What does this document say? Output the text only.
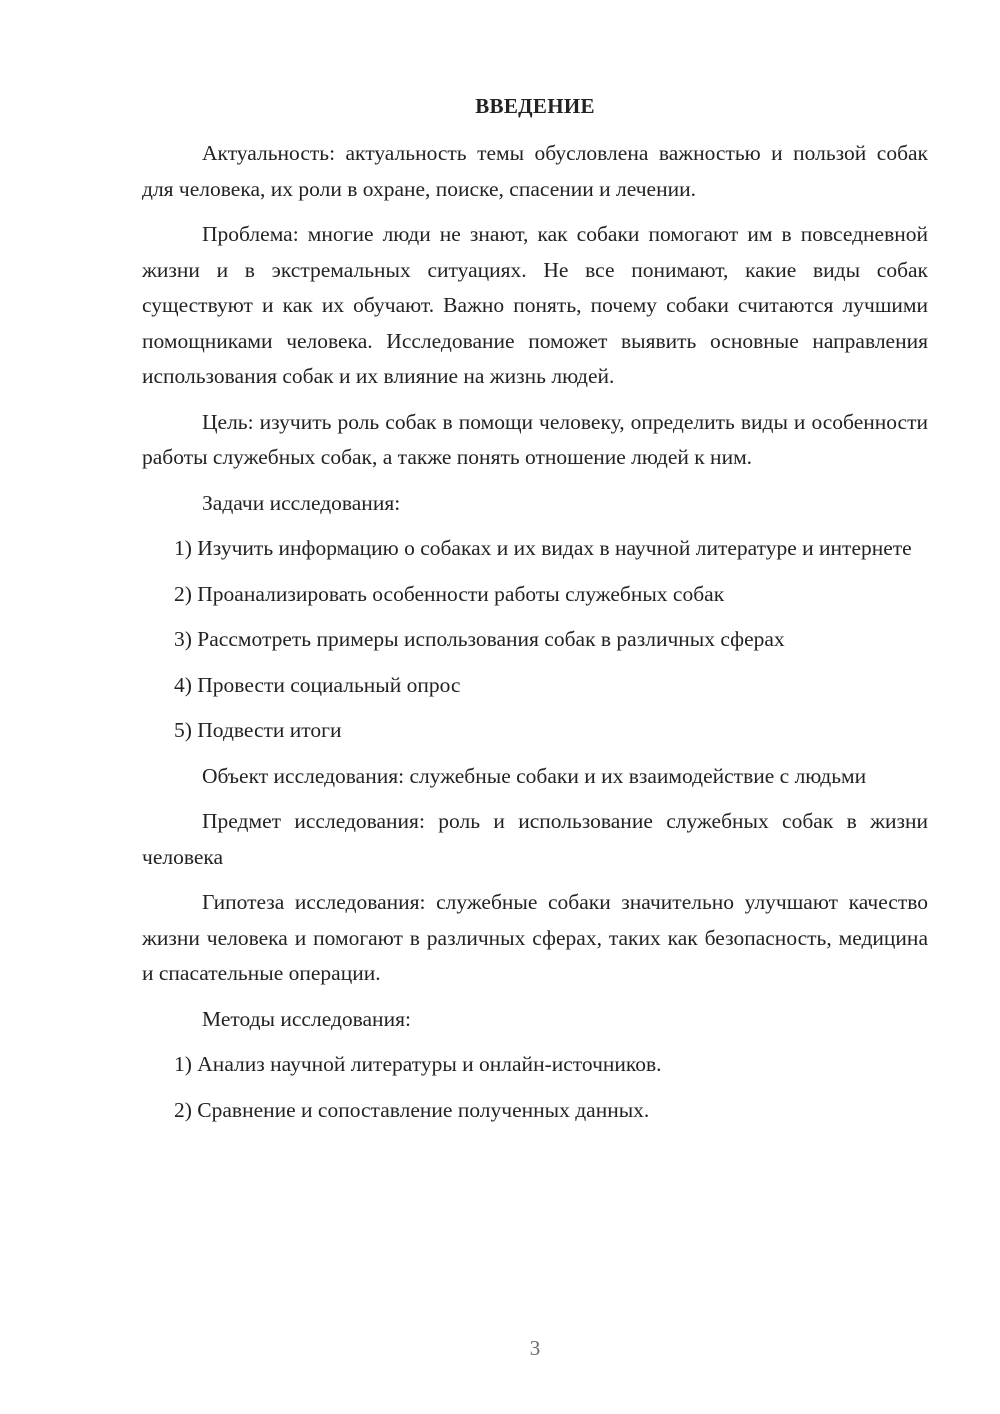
ВВЕДЕНИЕ

Актуальность: актуальность темы обусловлена важностью и пользой собак для человека, их роли в охране, поиске, спасении и лечении.

Проблема: многие люди не знают, как собаки помогают им в повседневной жизни и в экстремальных ситуациях. Не все понимают, какие виды собак существуют и как их обучают. Важно понять, почему собаки считаются лучшими помощниками человека. Исследование поможет выявить основные направления использования собак и их влияние на жизнь людей.

Цель: изучить роль собак в помощи человеку, определить виды и особенности работы служебных собак, а также понять отношение людей к ним.

Задачи исследования:

1) Изучить информацию о собаках и их видах в научной литературе и интернете

2) Проанализировать особенности работы служебных собак

3) Рассмотреть примеры использования собак в различных сферах

4) Провести социальный опрос

5) Подвести итоги

Объект исследования: служебные собаки и их взаимодействие с людьми

Предмет исследования: роль и использование служебных собак в жизни человека

Гипотеза исследования: служебные собаки значительно улучшают качество жизни человека и помогают в различных сферах, таких как безопасность, медицина и спасательные операции.

Методы исследования:

1) Анализ научной литературы и онлайн-источников.

2) Сравнение и сопоставление полученных данных.

3
